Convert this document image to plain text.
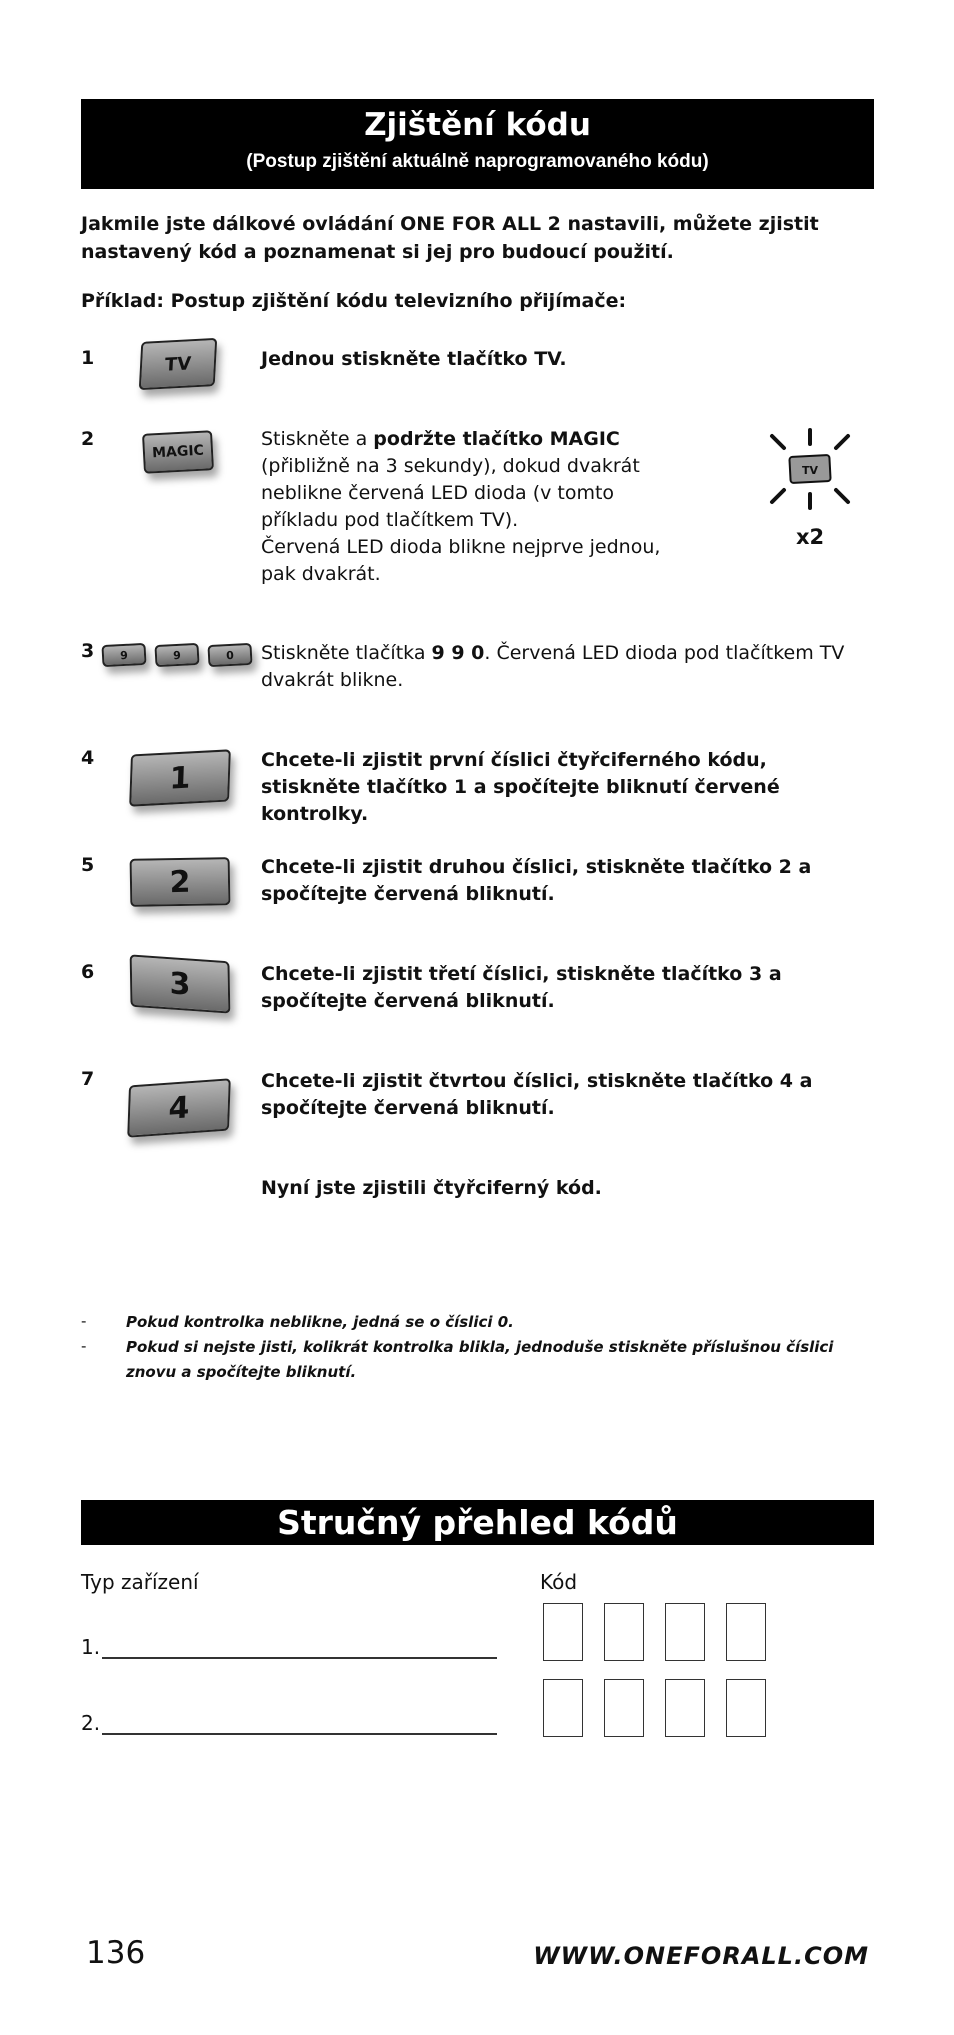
Zjištění kódu
(Postup zjištění aktuálně naprogramovaného kódu)
Jakmile jste dálkové ovládání ONE FOR ALL 2 nastavili, můžete zjistit nastavený kód a poznamenat si jej pro budoucí použití.
Příklad: Postup zjištění kódu televizního přijímače:
1	TV	Jednou stiskněte tlačítko TV.
2
MAGIC
Stiskněte a podržte tlačítko MAGIC (přibližně na 3 sekundy), dokud dvakrát neblikne červená LED dioda (v tomto příkladu pod tlačítkem TV).
Červená LED dioda blikne nejprve jednou, pak dvakrát.
TV
x2
3	9	9	0	Stiskněte tlačítka 9 9 0. Červená LED dioda pod tlačítkem TV dvakrát blikne.
4
1	Chcete-li zjistit první číslici čtyřciferného kódu, stiskněte tlačítko 1 a spočítejte bliknutí červené kontrolky.
5	2	Chcete-li zjistit druhou číslici, stiskněte tlačítko 2 a spočítejte červená bliknutí.
6	3	Chcete-li zjistit třetí číslici, stiskněte tlačítko 3 a spočítejte červená bliknutí.
7
4
Chcete-li zjistit čtvrtou číslici, stiskněte tlačítko 4 a spočítejte červená bliknutí.
Nyní jste zjistili čtyřciferný kód.
-	Pokud kontrolka neblikne, jedná se o číslici 0.
-	Pokud si nejste jisti, kolikrát kontrolka blikla, jednoduše stiskněte příslušnou číslici znovu a spočítejte bliknutí.
Stručný přehled kódů
Typ zařízení	Kód
1.
2.
136	WWW.ONEFORALL.COM
